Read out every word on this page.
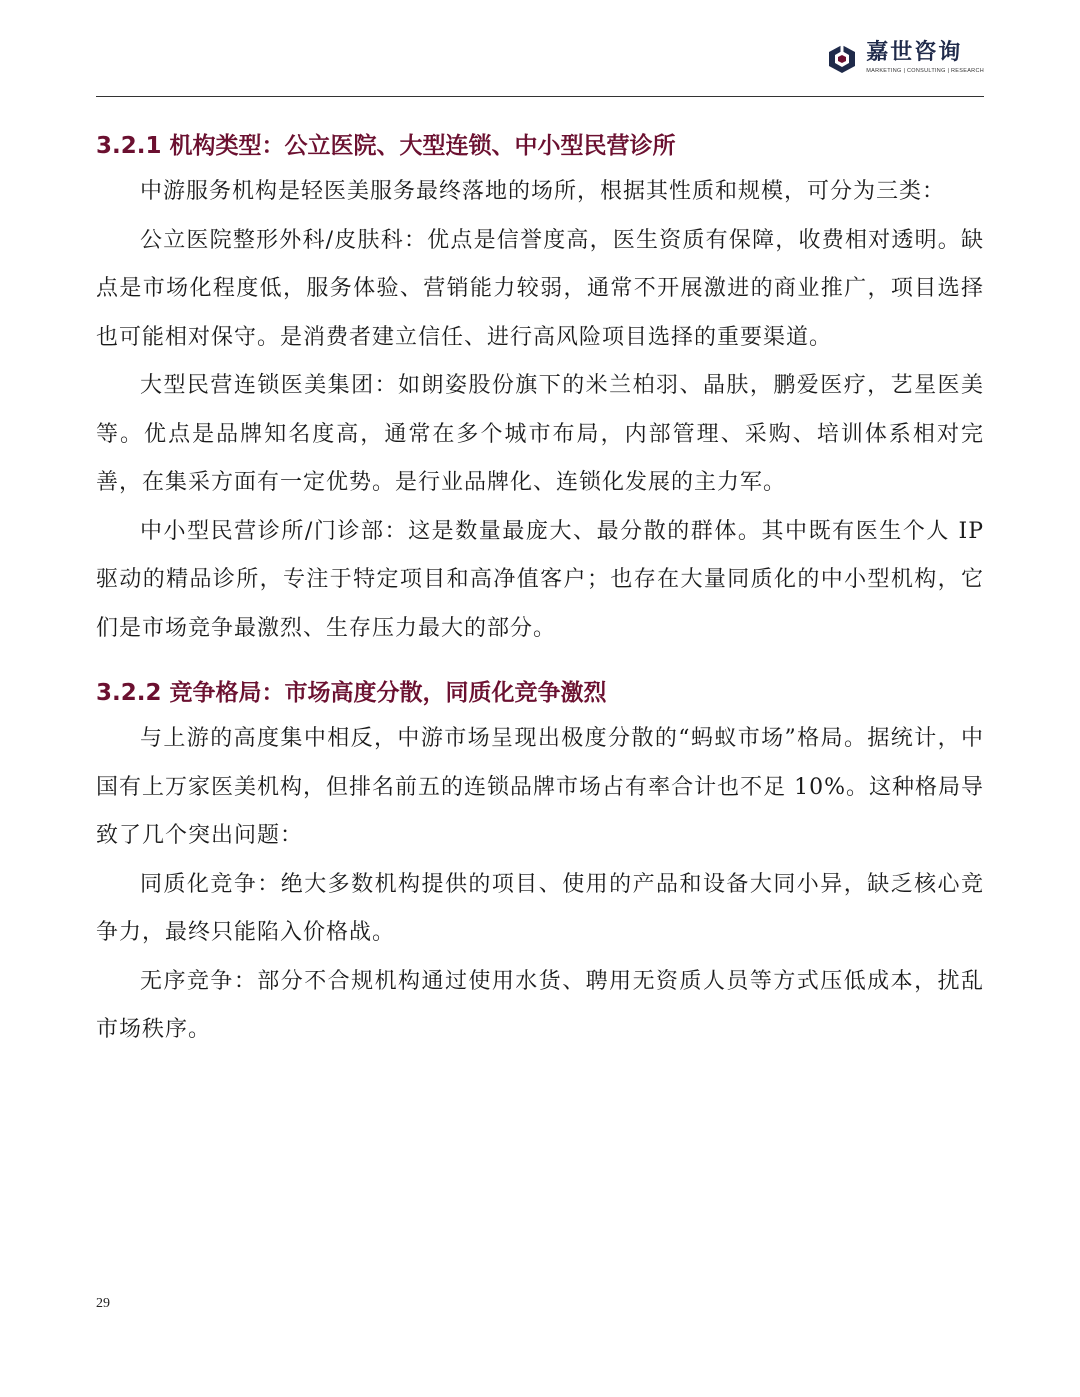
嘉世咨询
MARKETING | CONSULTING | RESEARCH
3.2.1 机构类型：公立医院、大型连锁、中小型民营诊所

中游服务机构是轻医美服务最终落地的场所，根据其性质和规模，可分为三类：

公立医院整形外科/皮肤科：优点是信誉度高，医生资质有保障，收费相对透明。缺点是市场化程度低，服务体验、营销能力较弱，通常不开展激进的商业推广，项目选择也可能相对保守。是消费者建立信任、进行高风险项目选择的重要渠道。

大型民营连锁医美集团：如朗姿股份旗下的米兰柏羽、晶肤，鹏爱医疗，艺星医美等。优点是品牌知名度高，通常在多个城市布局，内部管理、采购、培训体系相对完善，在集采方面有一定优势。是行业品牌化、连锁化发展的主力军。

中小型民营诊所/门诊部：这是数量最庞大、最分散的群体。其中既有医生个人 IP 驱动的精品诊所，专注于特定项目和高净值客户；也存在大量同质化的中小型机构，它们是市场竞争最激烈、生存压力最大的部分。

3.2.2 竞争格局：市场高度分散，同质化竞争激烈

与上游的高度集中相反，中游市场呈现出极度分散的“蚂蚁市场”格局。据统计，中国有上万家医美机构，但排名前五的连锁品牌市场占有率合计也不足 10%。这种格局导致了几个突出问题：

同质化竞争：绝大多数机构提供的项目、使用的产品和设备大同小异，缺乏核心竞争力，最终只能陷入价格战。

无序竞争：部分不合规机构通过使用水货、聘用无资质人员等方式压低成本，扰乱市场秩序。

29
